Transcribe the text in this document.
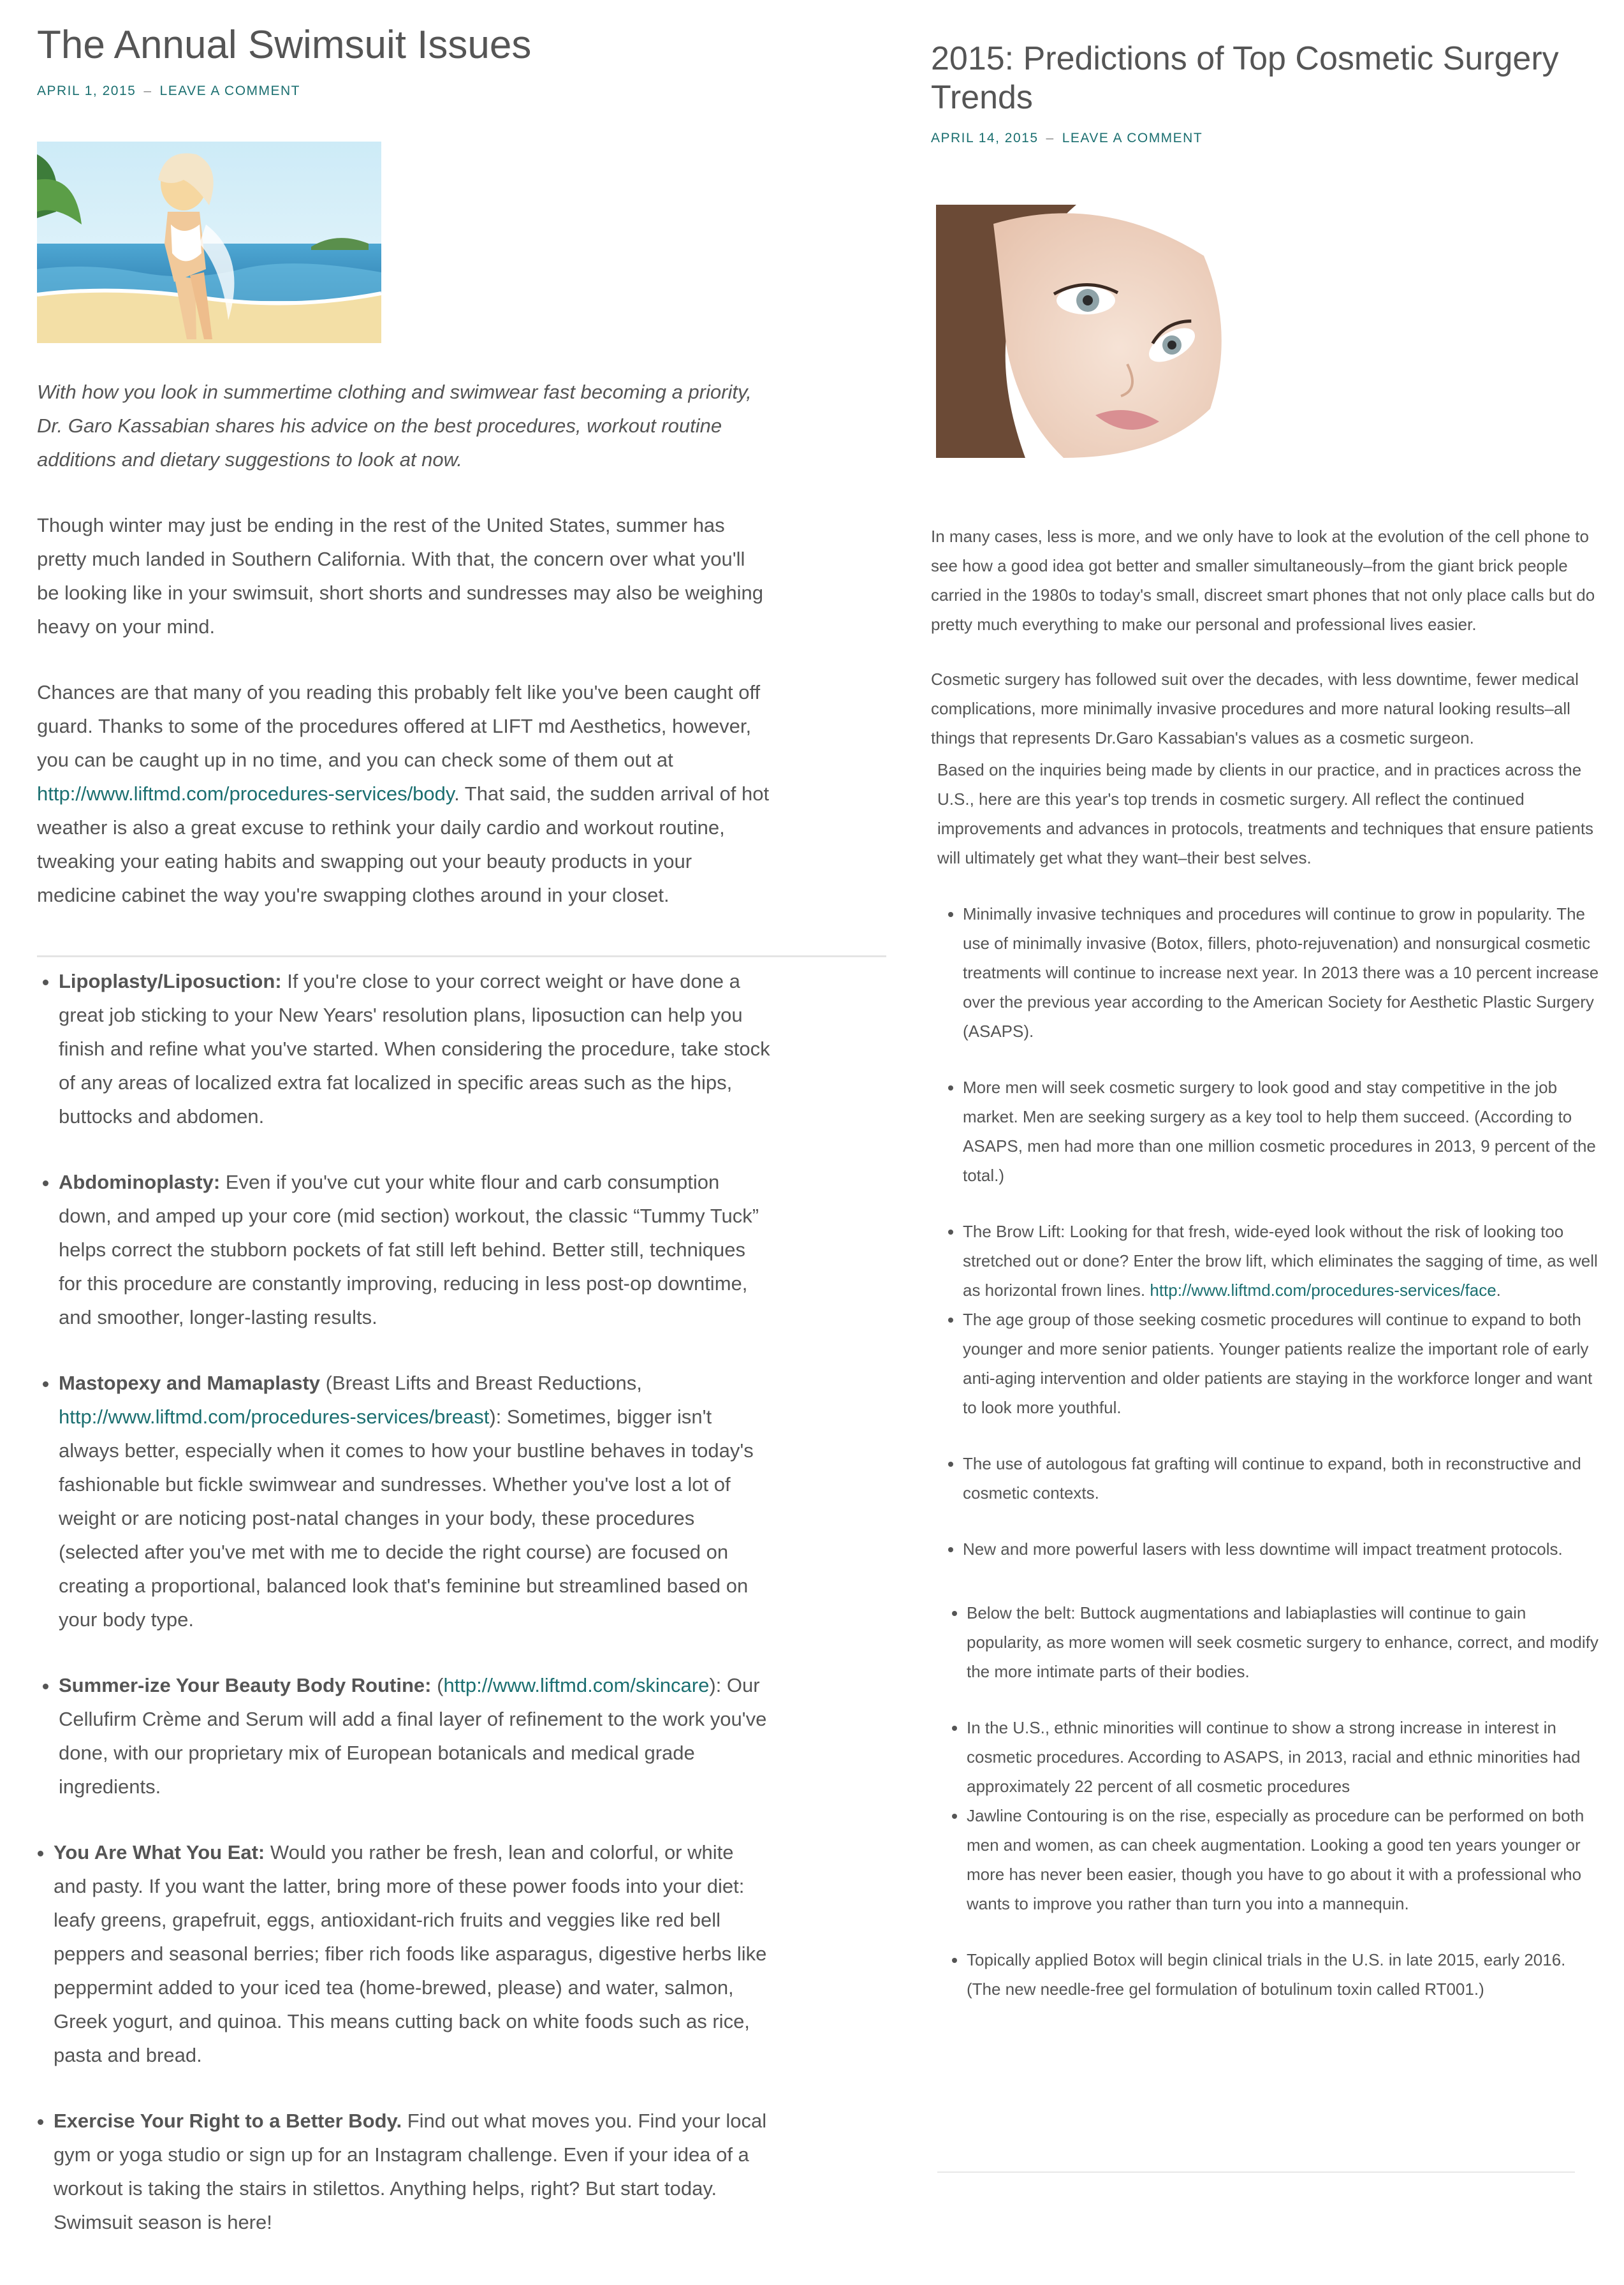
The Annual Swimsuit Issues
APRIL 1, 2015 – LEAVE A COMMENT

With how you look in summertime clothing and swimwear fast becoming a priority, Dr. Garo Kassabian shares his advice on the best procedures, workout routine additions and dietary suggestions to look at now.

Though winter may just be ending in the rest of the United States, summer has pretty much landed in Southern California. With that, the concern over what you'll be looking like in your swimsuit, short shorts and sundresses may also be weighing heavy on your mind.

Chances are that many of you reading this probably felt like you've been caught off guard. Thanks to some of the procedures offered at LIFT md Aesthetics, however, you can be caught up in no time, and you can check some of them out at http://www.liftmd.com/procedures-services/body. That said, the sudden arrival of hot weather is also a great excuse to rethink your daily cardio and workout routine, tweaking your eating habits and swapping out your beauty products in your medicine cabinet the way you're swapping clothes around in your closet.

• Lipoplasty/Liposuction: If you're close to your correct weight or have done a great job sticking to your New Years' resolution plans, liposuction can help you finish and refine what you've started. When considering the procedure, take stock of any areas of localized extra fat localized in specific areas such as the hips, buttocks and abdomen.
• Abdominoplasty: Even if you've cut your white flour and carb consumption down, and amped up your core (mid section) workout, the classic “Tummy Tuck” helps correct the stubborn pockets of fat still left behind. Better still, techniques for this procedure are constantly improving, reducing in less post-op downtime, and smoother, longer-lasting results.
• Mastopexy and Mamaplasty (Breast Lifts and Breast Reductions, http://www.liftmd.com/procedures-services/breast): Sometimes, bigger isn't always better, especially when it comes to how your bustline behaves in today's fashionable but fickle swimwear and sundresses. Whether you've lost a lot of weight or are noticing post-natal changes in your body, these procedures (selected after you've met with me to decide the right course) are focused on creating a proportional, balanced look that's feminine but streamlined based on your body type.
• Summer-ize Your Beauty Body Routine: (http://www.liftmd.com/skincare): Our Cellufirm Crème and Serum will add a final layer of refinement to the work you've done, with our proprietary mix of European botanicals and medical grade ingredients.
• You Are What You Eat: Would you rather be fresh, lean and colorful, or white and pasty. If you want the latter, bring more of these power foods into your diet: leafy greens, grapefruit, eggs, antioxidant-rich fruits and veggies like red bell peppers and seasonal berries; fiber rich foods like asparagus, digestive herbs like peppermint added to your iced tea (home-brewed, please) and water, salmon, Greek yogurt, and quinoa. This means cutting back on white foods such as rice, pasta and bread.
• Exercise Your Right to a Better Body. Find out what moves you. Find your local gym or yoga studio or sign up for an Instagram challenge. Even if your idea of a workout is taking the stairs in stilettos. Anything helps, right? But start today. Swimsuit season is here!
2015: Predictions of Top Cosmetic Surgery Trends
APRIL 14, 2015 – LEAVE A COMMENT

In many cases, less is more, and we only have to look at the evolution of the cell phone to see how a good idea got better and smaller simultaneously–from the giant brick people carried in the 1980s to today's small, discreet smart phones that not only place calls but do pretty much everything to make our personal and professional lives easier.

Cosmetic surgery has followed suit over the decades, with less downtime, fewer medical complications, more minimally invasive procedures and more natural looking results–all things that represents Dr.Garo Kassabian's values as a cosmetic surgeon.

Based on the inquiries being made by clients in our practice, and in practices across the U.S., here are this year's top trends in cosmetic surgery. All reflect the continued improvements and advances in protocols, treatments and techniques that ensure patients will ultimately get what they want–their best selves.

• Minimally invasive techniques and procedures will continue to grow in popularity. The use of minimally invasive (Botox, fillers, photo-rejuvenation) and nonsurgical cosmetic treatments will continue to increase next year. In 2013 there was a 10 percent increase over the previous year according to the American Society for Aesthetic Plastic Surgery (ASAPS).
• More men will seek cosmetic surgery to look good and stay competitive in the job market. Men are seeking surgery as a key tool to help them succeed. (According to ASAPS, men had more than one million cosmetic procedures in 2013, 9 percent of the total.)
• The Brow Lift: Looking for that fresh, wide-eyed look without the risk of looking too stretched out or done? Enter the brow lift, which eliminates the sagging of time, as well as horizontal frown lines. http://www.liftmd.com/procedures-services/face.
• The age group of those seeking cosmetic procedures will continue to expand to both younger and more senior patients. Younger patients realize the important role of early anti-aging intervention and older patients are staying in the workforce longer and want to look more youthful.
• The use of autologous fat grafting will continue to expand, both in reconstructive and cosmetic contexts.
• New and more powerful lasers with less downtime will impact treatment protocols.
• Below the belt: Buttock augmentations and labiaplasties will continue to gain popularity, as more women will seek cosmetic surgery to enhance, correct, and modify the more intimate parts of their bodies.
• In the U.S., ethnic minorities will continue to show a strong increase in interest in cosmetic procedures. According to ASAPS, in 2013, racial and ethnic minorities had approximately 22 percent of all cosmetic procedures
• Jawline Contouring is on the rise, especially as procedure can be performed on both men and women, as can cheek augmentation. Looking a good ten years younger or more has never been easier, though you have to go about it with a professional who wants to improve you rather than turn you into a mannequin.
• Topically applied Botox will begin clinical trials in the U.S. in late 2015, early 2016. (The new needle-free gel formulation of botulinum toxin called RT001.)
